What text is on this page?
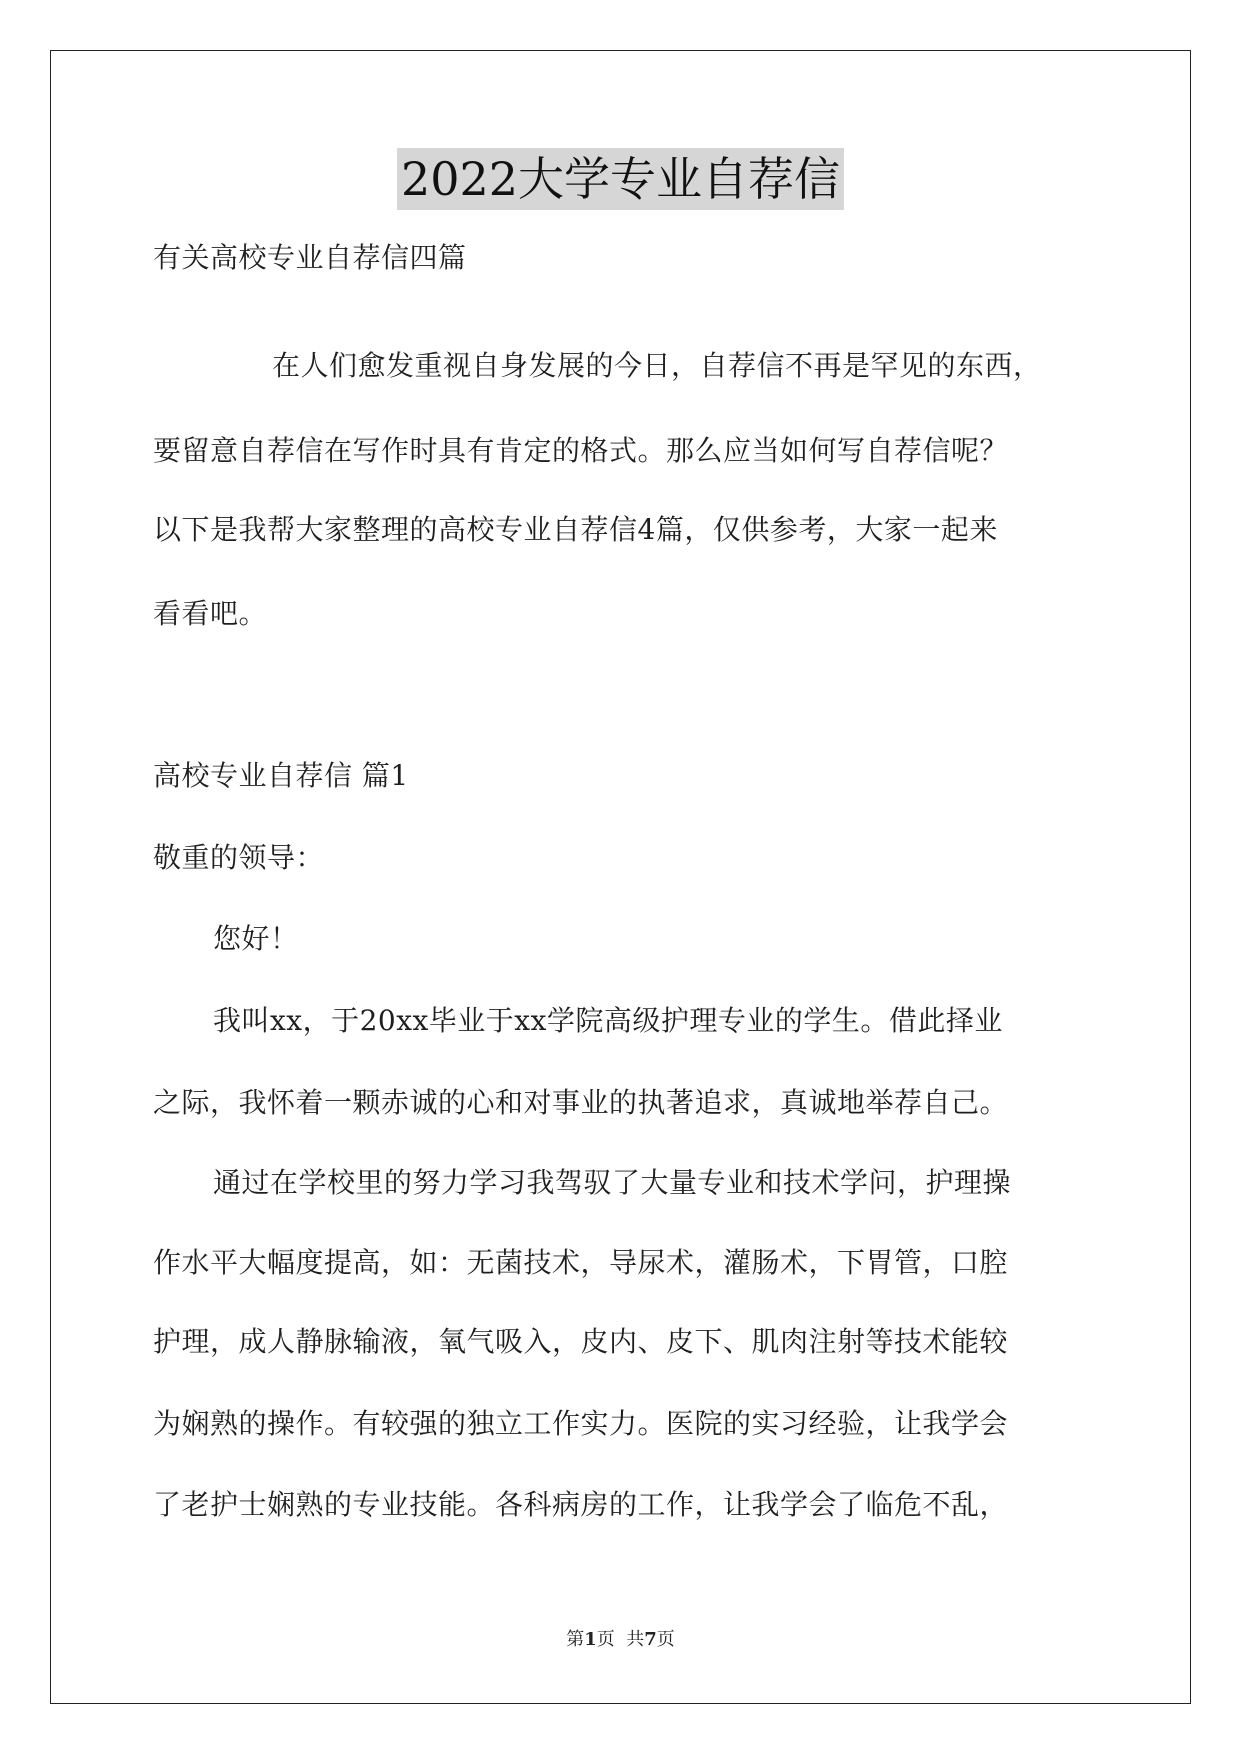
2022大学专业自荐信
有关高校专业自荐信四篇
在人们愈发重视自身发展的今日，自荐信不再是罕见的东西，
要留意自荐信在写作时具有肯定的格式。那么应当如何写自荐信呢？
以下是我帮大家整理的高校专业自荐信4篇，仅供参考，大家一起来
看看吧。
高校专业自荐信 篇1
敬重的领导：
您好！
我叫xx，于20xx毕业于xx学院高级护理专业的学生。借此择业
之际，我怀着一颗赤诚的心和对事业的执著追求，真诚地举荐自己。
通过在学校里的努力学习我驾驭了大量专业和技术学问，护理操
作水平大幅度提高，如：无菌技术，导尿术，灌肠术，下胃管，口腔
护理，成人静脉输液，氧气吸入，皮内、皮下、肌肉注射等技术能较
为娴熟的操作。有较强的独立工作实力。医院的实习经验，让我学会
了老护士娴熟的专业技能。各科病房的工作，让我学会了临危不乱，
第1页  共7页
